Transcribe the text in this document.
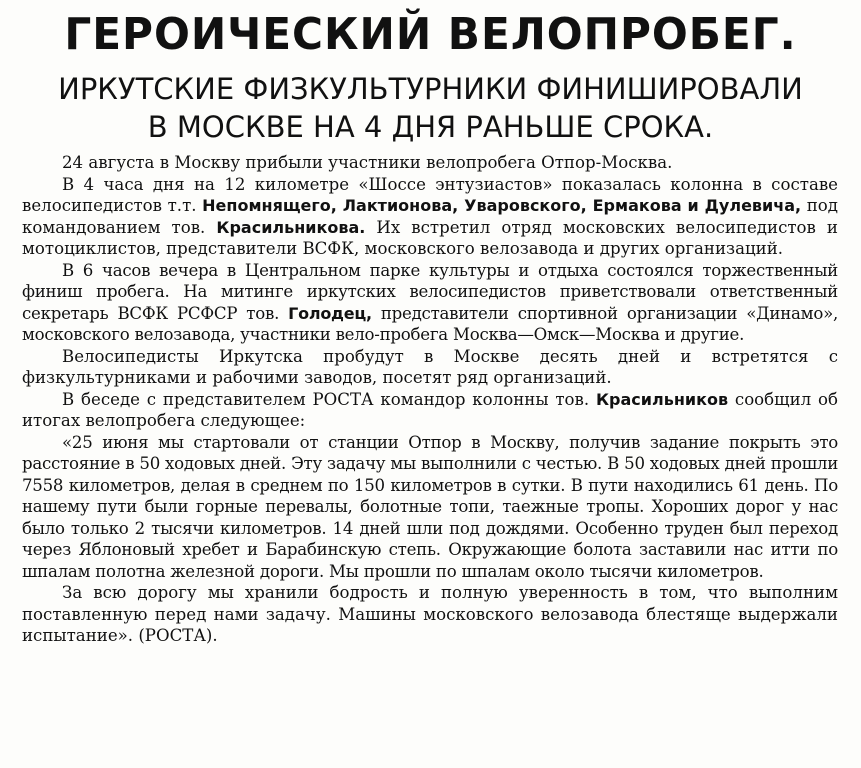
ГЕРОИЧЕСКИЙ ВЕЛОПРОБЕГ.
ИРКУТСКИЕ ФИЗКУЛЬТУРНИКИ ФИНИШИРОВАЛИ
В МОСКВЕ НА 4 ДНЯ РАНЬШЕ СРОКА.

24 августа в Москву прибыли участники велопробега Отпор-Москва.

В 4 часа дня на 12 километре «Шоссе энтузиастов» показалась колонна в составе велосипедистов т.т. Непомнящего, Лактионова, Уваровского, Ермакова и Дулевича, под командованием тов. Красильникова. Их встретил отряд московских велосипедистов и мотоциклистов, представители ВСФК, московского велозавода и других организаций.

В 6 часов вечера в Центральном парке культуры и отдыха состоялся торжественный финиш пробега. На митинге иркутских велосипедистов приветствовали ответственный секретарь ВСФК РСФСР тов. Голодец, представители спортивной организации «Динамо», московского велозавода, участники вело-пробега Москва—Омск—Москва и другие.

Велосипедисты Иркутска пробудут в Москве десять дней и встретятся с физкультурниками и рабочими заводов, посетят ряд организаций.

В беседе с представителем РОСТА командор колонны тов. Красильников сообщил об итогах велопробега следующее:

«25 июня мы стартовали от станции Отпор в Москву, получив задание покрыть это расстояние в 50 ходовых дней. Эту задачу мы выполнили с честью. В 50 ходовых дней прошли 7558 километров, делая в среднем по 150 километров в сутки. В пути находились 61 день. По нашему пути были горные перевалы, болотные топи, таежные тропы. Хороших дорог у нас было только 2 тысячи километров. 14 дней шли под дождями. Особенно труден был переход через Яблоновый хребет и Барабинскую степь. Окружающие болота заставили нас итти по шпалам полотна железной дороги. Мы прошли по шпалам около тысячи километров.

За всю дорогу мы хранили бодрость и полную уверенность в том, что выполним поставленную перед нами задачу. Машины московского велозавода блестяще выдержали испытание». (РОСТА).
